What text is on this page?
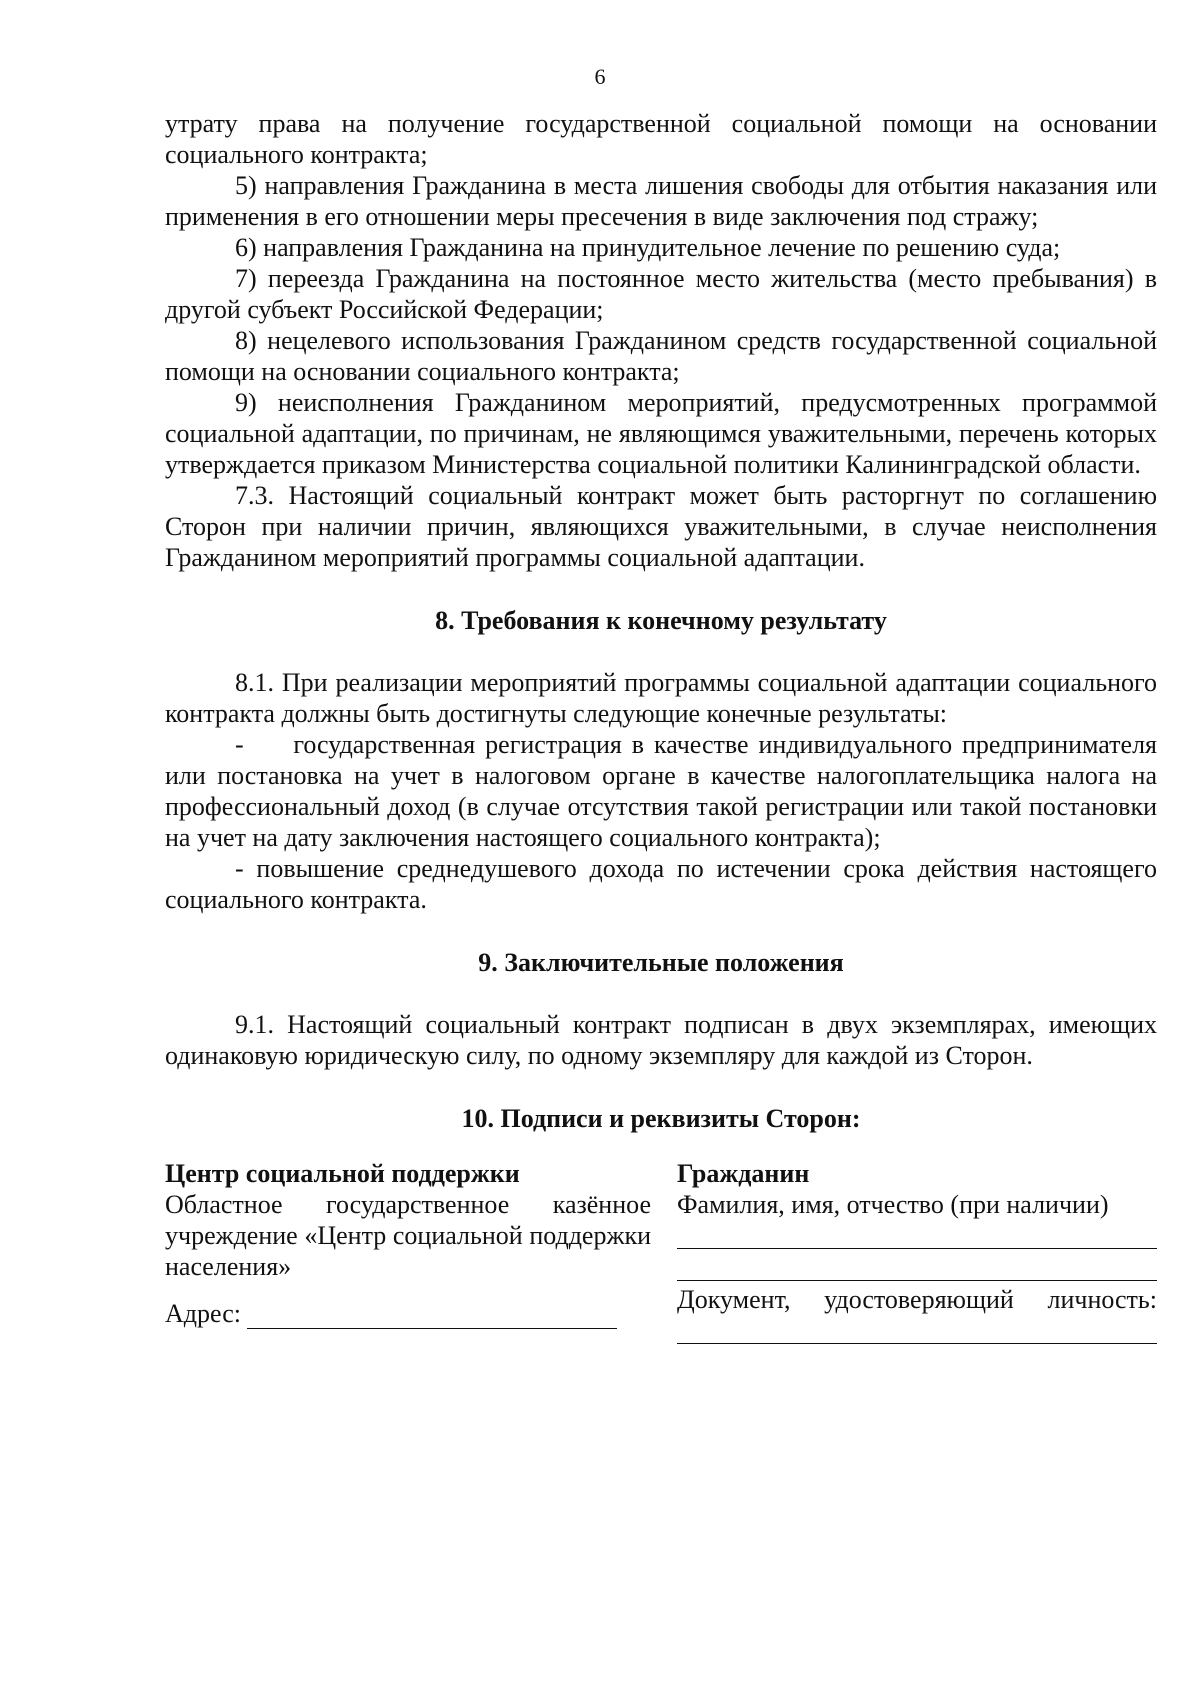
6

утрату права на получение государственной социальной помощи на основании социального контракта;

5) направления Гражданина в места лишения свободы для отбытия наказания или применения в его отношении меры пресечения в виде заключения под стражу;

6) направления Гражданина на принудительное лечение по решению суда;

7) переезда Гражданина на постоянное место жительства (место пребывания) в другой субъект Российской Федерации;

8) нецелевого использования Гражданином средств государственной социальной помощи на основании социального контракта;

9) неисполнения Гражданином мероприятий, предусмотренных программой социальной адаптации, по причинам, не являющимся уважительными, перечень которых утверждается приказом Министерства социальной политики Калининградской области.

7.3. Настоящий социальный контракт может быть расторгнут по соглашению Сторон при наличии причин, являющихся уважительными, в случае неисполнения Гражданином мероприятий программы социальной адаптации.

8. Требования к конечному результату

8.1. При реализации мероприятий программы социальной адаптации социального контракта должны быть достигнуты следующие конечные результаты:

-     государственная регистрация в качестве индивидуального предпринимателя или постановка на учет в налоговом органе в качестве налогоплательщика налога на профессиональный доход (в случае отсутствия такой регистрации или такой постановки на учет на дату заключения настоящего социального контракта);

- повышение среднедушевого дохода по истечении срока действия настоящего социального контракта.

9. Заключительные положения

9.1. Настоящий социальный контракт подписан в двух экземплярах, имеющих одинаковую юридическую силу, по одному экземпляру для каждой из Сторон.

10. Подписи и реквизиты Сторон:

Центр социальной поддержки

Областное государственное казённое учреждение «Центр социальной поддержки населения»

Адрес:

Гражданин

Фамилия, имя, отчество (при наличии)

Документ, удостоверяющий личность:
